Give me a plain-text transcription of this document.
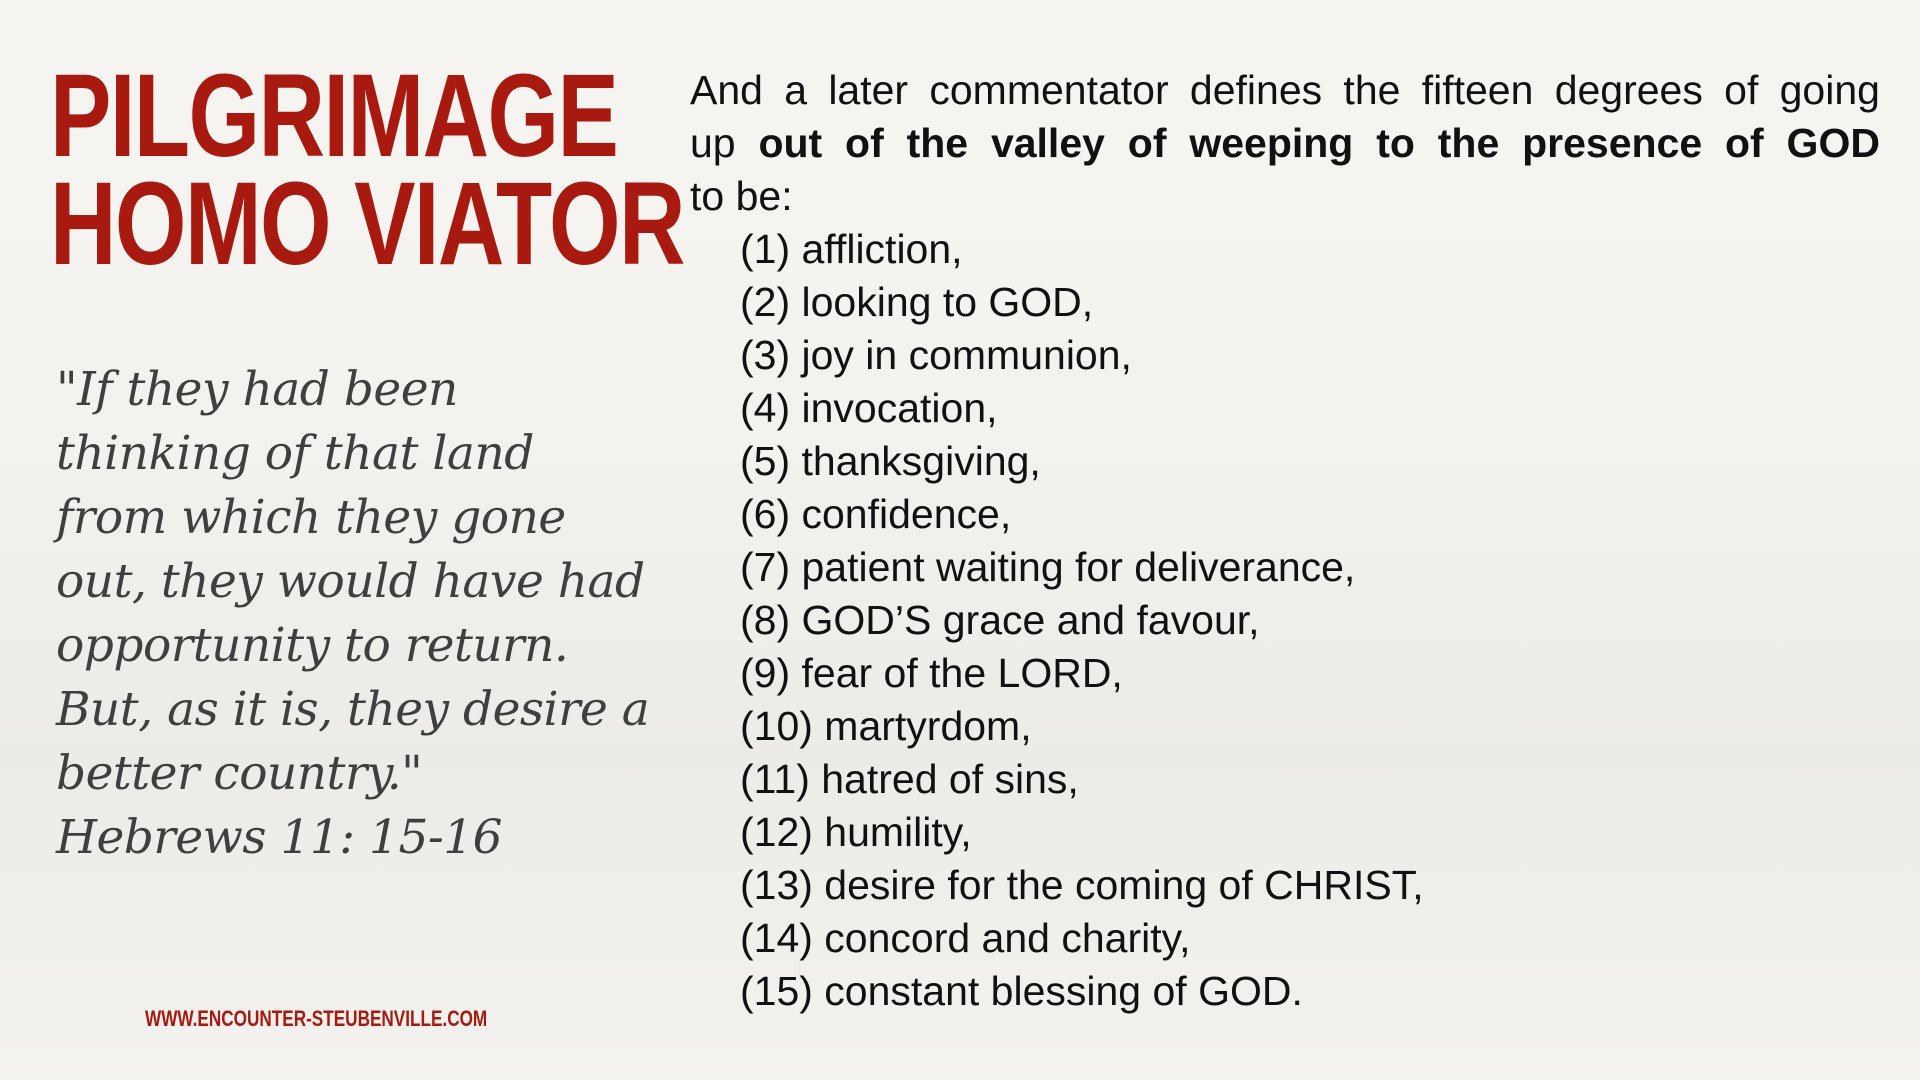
PILGRIMAGE
HOMO VIATOR
"If they had been
thinking of that land
from which they gone
out, they would have had
opportunity to return.
But, as it is, they desire a
better country."
Hebrews 11: 15-16
WWW.ENCOUNTER-STEUBENVILLE.COM
And a later commentator defines the fifteen degrees of going
up out of the valley of weeping to the presence of GOD
to be:
(1) affliction,
(2) looking to GOD,
(3) joy in communion,
(4) invocation,
(5) thanksgiving,
(6) confidence,
(7) patient waiting for deliverance,
(8) GOD’S grace and favour,
(9) fear of the LORD,
(10) martyrdom,
(11) hatred of sins,
(12) humility,
(13) desire for the coming of CHRIST,
(14) concord and charity,
(15) constant blessing of GOD.
